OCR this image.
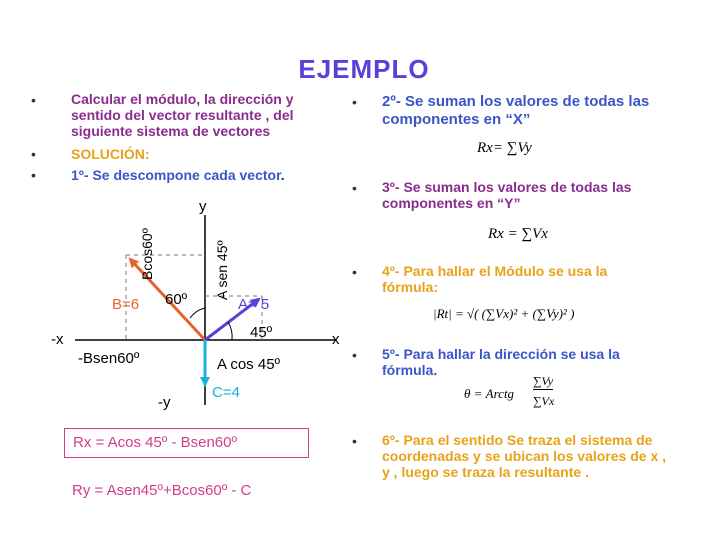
EJEMPLO
•	Calcular el módulo, la dirección y sentido del vector resultante , del siguiente sistema de vectores
•	SOLUCIÓN:
•	1º- Se descompone cada vector.
y
-y
x
-x
Bcos60º	A sen 45º
B=6	A= 5
60º
45º
-Bsen60º	A cos 45º
C=4
Rx = Acos 45º - Bsen60º
Ry = Asen45º+Bcos60º - C
• 2º- Se suman los valores de todas las componentes en “X”
Rx= ∑Vy
• 3º- Se suman los valores de todas las componentes en “Y”
Rx = ∑Vx
• 4º- Para hallar el Módulo se usa la fórmula:
|Rt| = √( (∑Vx)² + (∑Vy)² )
• 5º- Para hallar la dirección se usa la fórmula.
θ = Arctg
∑Vy
∑Vx
• 6º- Para el sentido Se traza el sistema de coordenadas y se ubican los valores de x , y , luego se traza la resultante .
